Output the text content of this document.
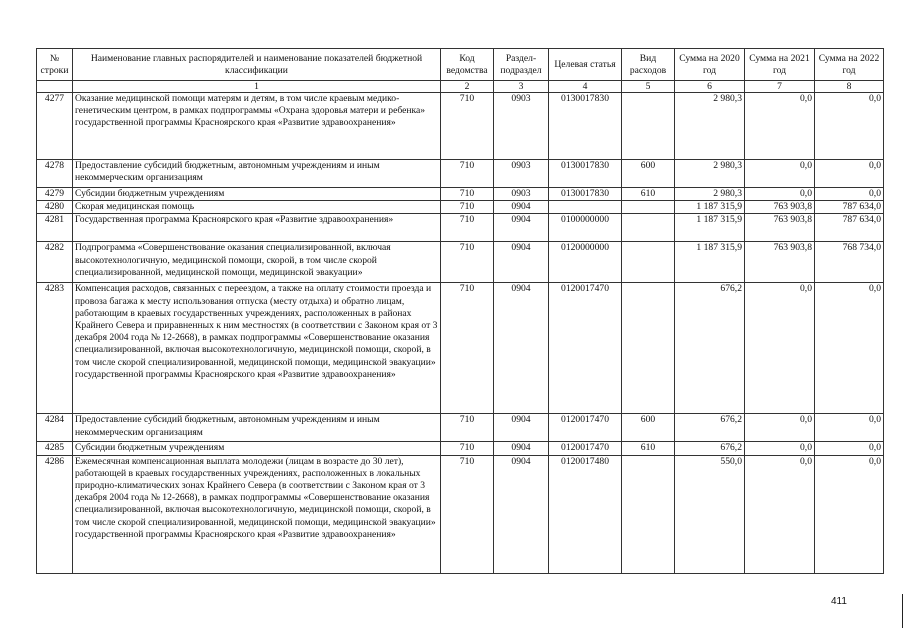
№ строки	Наименование главных распорядителей и наименование показателей бюджетной классификации	Код ведомства	Раздел-подраздел	Целевая статья	Вид расходов	Сумма на 2020 год	Сумма на 2021 год	Сумма на 2022 год
	1	2	3	4	5	6	7	8
4277	Оказание медицинской помощи матерям и детям, в том числе краевым медико-генетическим центром, в рамках подпрограммы «Охрана здоровья матери и ребенка» государственной программы Красноярского края «Развитие здравоохранения»	710	0903	0130017830		2 980,3	0,0	0,0
4278	Предоставление субсидий бюджетным, автономным учреждениям и иным некоммерческим организациям	710	0903	0130017830	600	2 980,3	0,0	0,0
4279	Субсидии бюджетным учреждениям	710	0903	0130017830	610	2 980,3	0,0	0,0
4280	Скорая медицинская помощь	710	0904			1 187 315,9	763 903,8	787 634,0
4281	Государственная программа Красноярского края «Развитие здравоохранения»	710	0904	0100000000		1 187 315,9	763 903,8	787 634,0
4282	Подпрограмма «Совершенствование оказания специализированной, включая высокотехнологичную, медицинской помощи, скорой, в том числе скорой специализированной, медицинской помощи, медицинской эвакуации»	710	0904	0120000000		1 187 315,9	763 903,8	768 734,0
4283	Компенсация расходов, связанных с переездом, а также на оплату стоимости проезда и провоза багажа к месту использования отпуска (месту отдыха) и обратно лицам, работающим в краевых государственных учреждениях, расположенных в районах Крайнего Севера и приравненных к ним местностях (в соответствии с Законом края от 3 декабря 2004 года № 12-2668), в рамках подпрограммы «Совершенствование оказания специализированной, включая высокотехнологичную, медицинской помощи, скорой, в том числе скорой специализированной, медицинской помощи, медицинской эвакуации» государственной программы Красноярского края «Развитие здравоохранения»	710	0904	0120017470		676,2	0,0	0,0
4284	Предоставление субсидий бюджетным, автономным учреждениям и иным некоммерческим организациям	710	0904	0120017470	600	676,2	0,0	0,0
4285	Субсидии бюджетным учреждениям	710	0904	0120017470	610	676,2	0,0	0,0
4286	Ежемесячная компенсационная выплата молодежи (лицам в возрасте до 30 лет), работающей в краевых государственных учреждениях, расположенных в локальных природно-климатических зонах Крайнего Севера (в соответствии с Законом края от 3 декабря 2004 года № 12-2668), в рамках подпрограммы «Совершенствование оказания специализированной, включая высокотехнологичную, медицинской помощи, скорой, в том числе скорой специализированной, медицинской помощи, медицинской эвакуации» государственной программы Красноярского края «Развитие здравоохранения»	710	0904	0120017480		550,0	0,0	0,0
411
